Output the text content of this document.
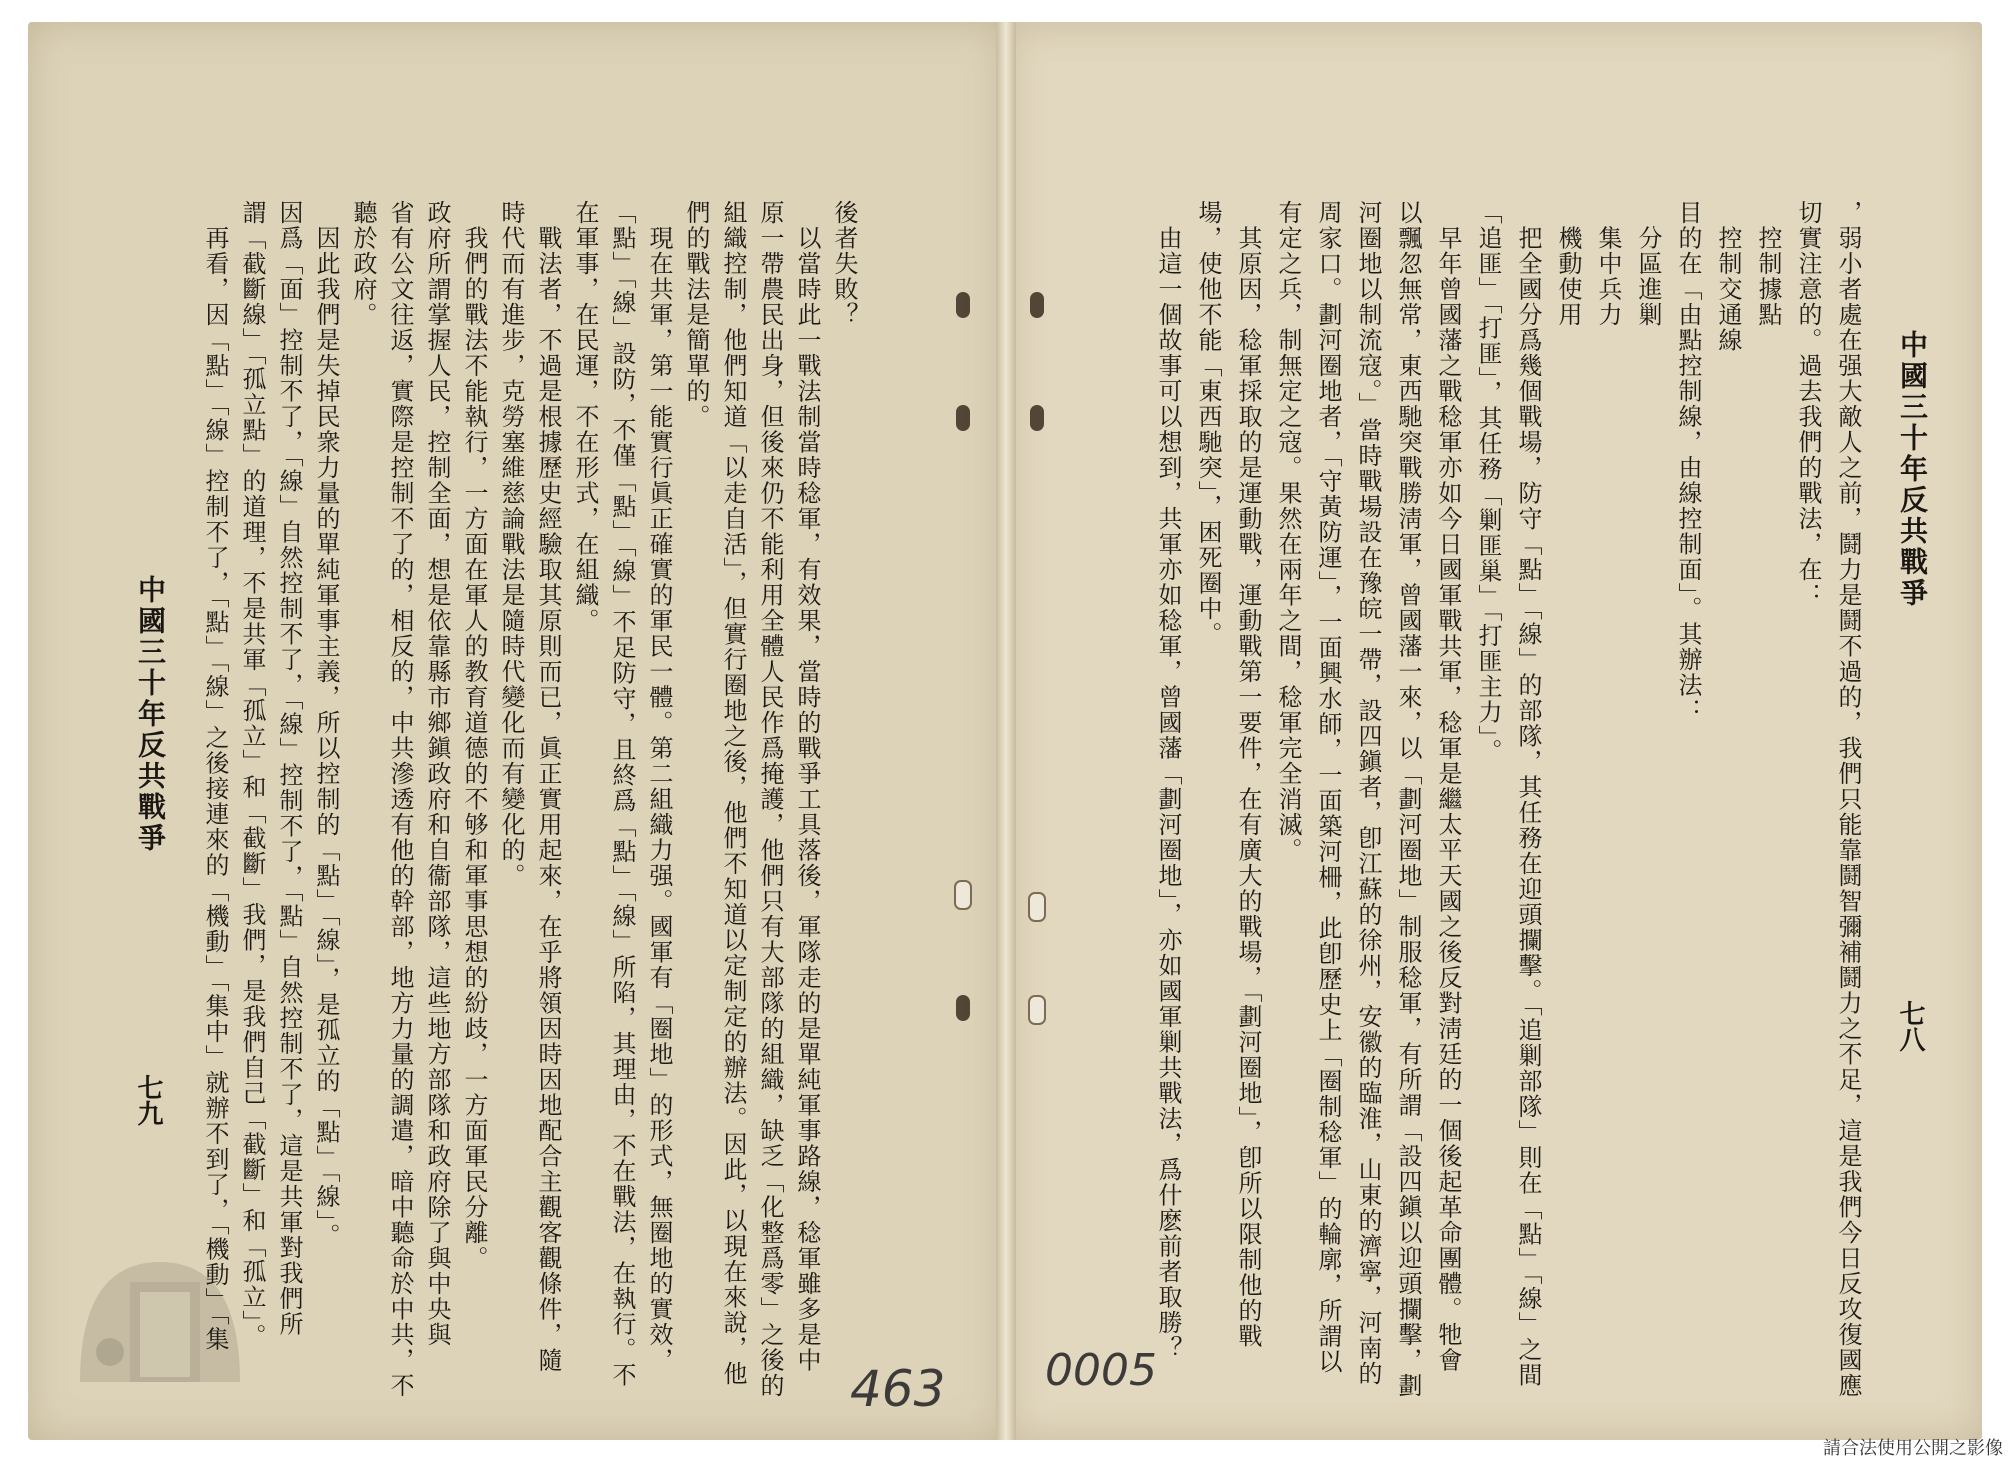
中國三十年反共戰爭
七八
，弱小者處在强大敵人之前，鬪力是鬪不過的，我們只能靠鬪智彌補鬪力之不足，這是我們今日反攻復國應
切實注意的。過去我們的戰法，在：
　控制據點
　控制交通線
目的在「由點控制線，由線控制面」。其辦法：
　分區進剿
　集中兵力
　機動使用
　把全國分爲幾個戰場，防守「點」「線」的部隊，其任務在迎頭攔擊。「追剿部隊」則在「點」「線」之間
「追匪」「打匪」，其任務「剿匪巢」「打匪主力」。
　早年曾國藩之戰稔軍亦如今日國軍戰共軍，稔軍是繼太平天國之後反對淸廷的一個後起革命團體。牠會
以飄忽無常，東西馳突戰勝淸軍，曾國藩一來，以「劃河圈地」制服稔軍，有所謂「設四鎭以迎頭攔擊，劃
河圈地以制流寇。」當時戰場設在豫皖一帶，設四鎭者，卽江蘇的徐州，安徽的臨淮，山東的濟寧，河南的
周家口。劃河圈地者，「守黃防運」，一面興水師，一面築河柵，此卽歷史上「圈制稔軍」的輪廓，所謂以
有定之兵，制無定之寇。果然在兩年之間，稔軍完全消滅。
　其原因，稔軍採取的是運動戰，運動戰第一要件，在有廣大的戰場，「劃河圈地」，卽所以限制他的戰
場，使他不能「東西馳突」，困死圈中。
　由這一個故事可以想到，共軍亦如稔軍，曾國藩「劃河圈地」，亦如國軍剿共戰法，爲什麽前者取勝？
中國三十年反共戰爭
七九
後者失敗？
　以當時此一戰法制當時稔軍，有效果，當時的戰爭工具落後，軍隊走的是單純軍事路線，稔軍雖多是中
原一帶農民出身，但後來仍不能利用全體人民作爲掩護，他們只有大部隊的組織，缺乏「化整爲零」之後的
組織控制，他們知道「以走自活」，但實行圈地之後，他們不知道以定制定的辦法。因此，以現在來說，他
們的戰法是簡單的。
　現在共軍，第一能實行眞正確實的軍民一體。第二組織力强。國軍有「圈地」的形式，無圈地的實效，
「點」「線」設防，不僅「點」「線」不足防守，且終爲「點」「線」所陷，其理由，不在戰法，在執行。不
在軍事，在民運，不在形式，在組織。
　戰法者，不過是根據歷史經驗取其原則而已，眞正實用起來，在乎將領因時因地配合主觀客觀條件，隨
時代而有進步，克勞塞維慈論戰法是隨時代變化而有變化的。
　我們的戰法不能執行，一方面在軍人的教育道德的不够和軍事思想的紛歧，一方面軍民分離。
政府所謂掌握人民，控制全面，想是依靠縣市鄉鎭政府和自衞部隊，這些地方部隊和政府除了與中央與
省有公文往返，實際是控制不了的，相反的，中共滲透有他的幹部，地方力量的調遣，暗中聽命於中共，不
聽於政府。
　因此我們是失掉民衆力量的單純軍事主義，所以控制的「點」「線」，是孤立的「點」「線」。
因爲「面」控制不了，「線」自然控制不了，「線」控制不了，「點」自然控制不了，這是共軍對我們所
謂「截斷線」「孤立點」的道理，不是共軍「孤立」和「截斷」我們，是我們自己「截斷」和「孤立」。
　再看，因「點」「線」控制不了，「點」「線」之後接連來的「機動」「集中」就辦不到了，「機動」「集
463 0005
請合法使用公開之影像
